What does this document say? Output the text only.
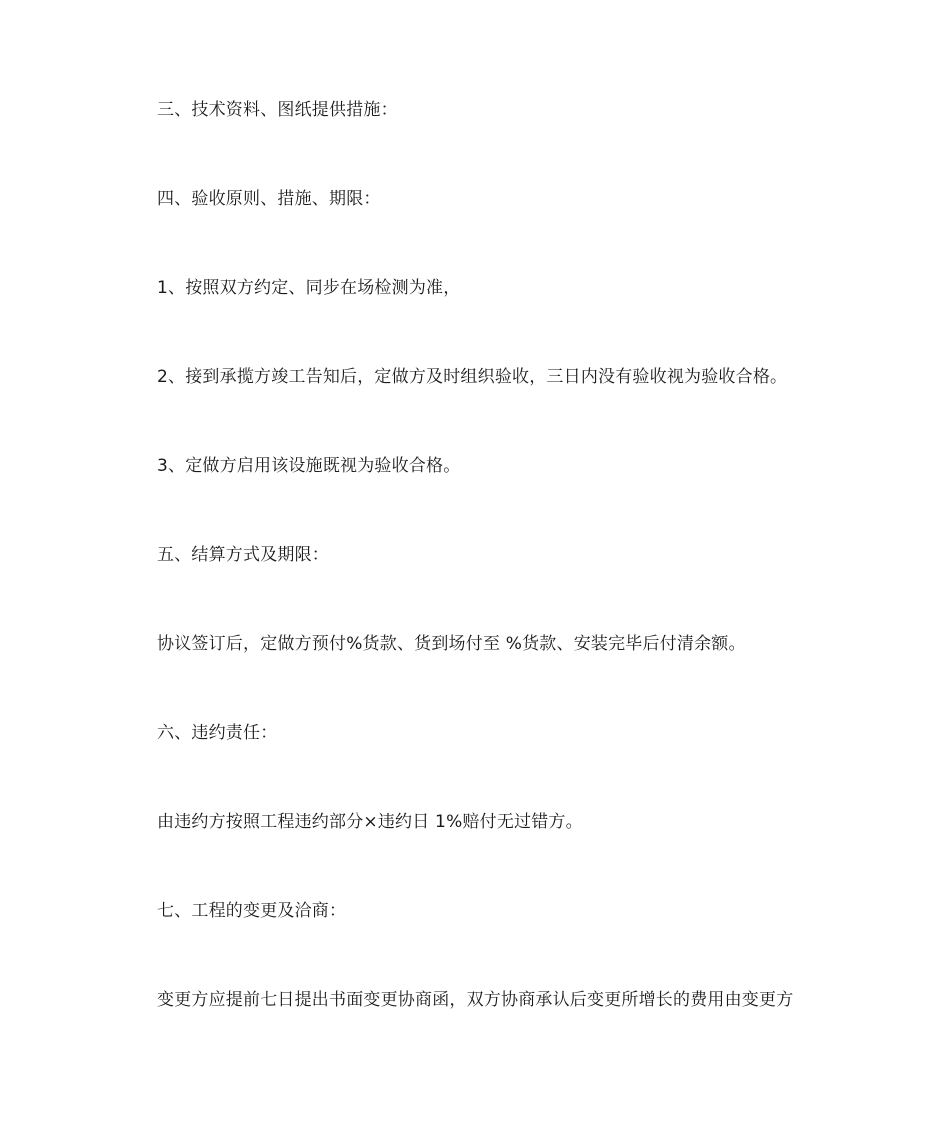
三、技术资料、图纸提供措施：
四、验收原则、措施、期限：
1、按照双方约定、同步在场检测为准，
2、接到承揽方竣工告知后，定做方及时组织验收，三日内没有验收视为验收合格。
3、定做方启用该设施既视为验收合格。
五、结算方式及期限：
协议签订后，定做方预付%货款、货到场付至 %货款、安装完毕后付清余额。
六、违约责任：
由违约方按照工程违约部分×违约日 1%赔付无过错方。
七、工程的变更及洽商：
变更方应提前七日提出书面变更协商函，双方协商承认后变更所增长的费用由变更方
